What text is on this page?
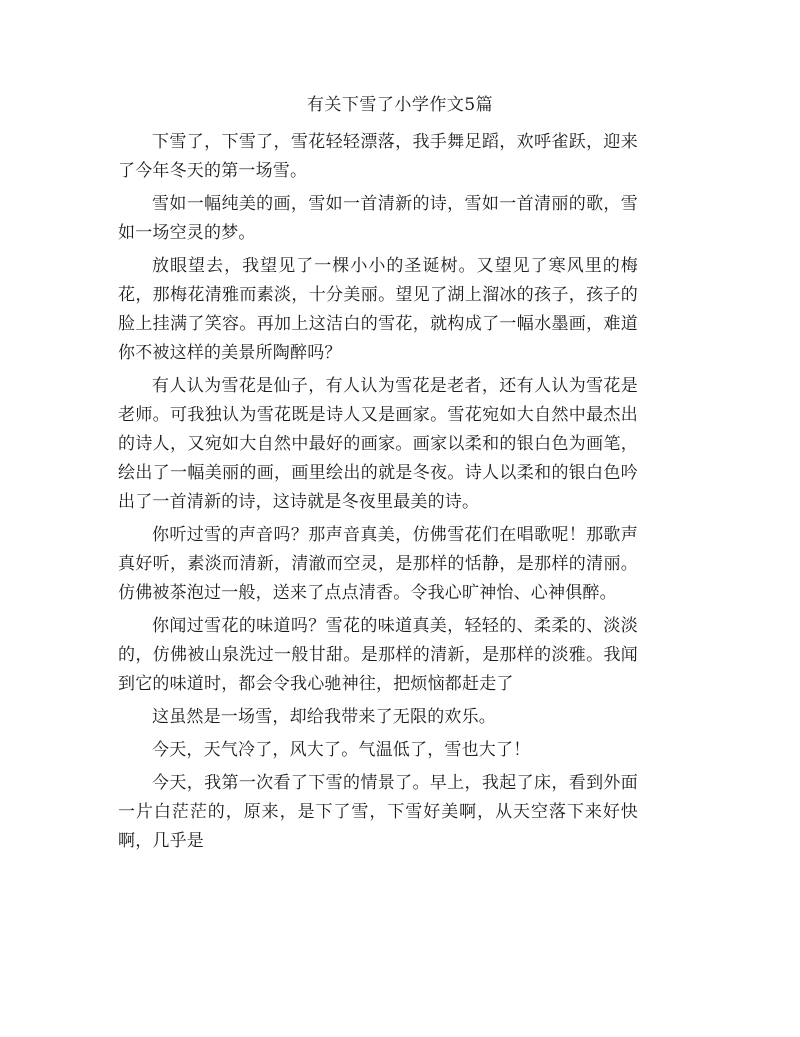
有关下雪了小学作文5篇

下雪了，下雪了，雪花轻轻漂落，我手舞足蹈，欢呼雀跃，迎来了今年冬天的第一场雪。

雪如一幅纯美的画，雪如一首清新的诗，雪如一首清丽的歌，雪如一场空灵的梦。

放眼望去，我望见了一棵小小的圣诞树。又望见了寒风里的梅花，那梅花清雅而素淡，十分美丽。望见了湖上溜冰的孩子，孩子的脸上挂满了笑容。再加上这洁白的雪花，就构成了一幅水墨画，难道你不被这样的美景所陶醉吗？

有人认为雪花是仙子，有人认为雪花是老者，还有人认为雪花是老师。可我独认为雪花既是诗人又是画家。雪花宛如大自然中最杰出的诗人，又宛如大自然中最好的画家。画家以柔和的银白色为画笔，绘出了一幅美丽的画，画里绘出的就是冬夜。诗人以柔和的银白色吟出了一首清新的诗，这诗就是冬夜里最美的诗。

你听过雪的声音吗？那声音真美，仿佛雪花们在唱歌呢！那歌声真好听，素淡而清新，清澈而空灵，是那样的恬静，是那样的清丽。仿佛被茶泡过一般，送来了点点清香。令我心旷神怡、心神俱醉。

你闻过雪花的味道吗？雪花的味道真美，轻轻的、柔柔的、淡淡的，仿佛被山泉洗过一般甘甜。是那样的清新，是那样的淡雅。我闻到它的味道时，都会令我心驰神往，把烦恼都赶走了

这虽然是一场雪，却给我带来了无限的欢乐。

今天，天气冷了，风大了。气温低了，雪也大了！

今天，我第一次看了下雪的情景了。早上，我起了床，看到外面一片白茫茫的，原来，是下了雪，下雪好美啊，从天空落下来好快啊，几乎是
